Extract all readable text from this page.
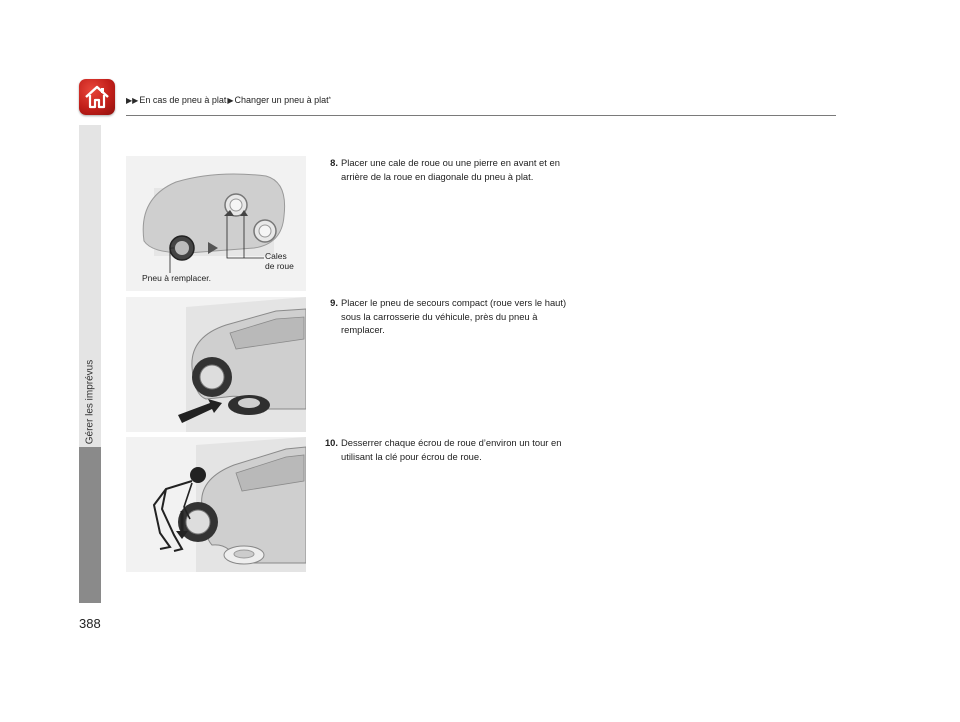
▶▶ En cas de pneu à plat ▶ Changer un pneu à plat *
Gérer les imprévus
388
Cales
de roue
Pneu à remplacer.
8. Placer une cale de roue ou une pierre en avant et en arrière de la roue en diagonale du pneu à plat.
9. Placer le pneu de secours compact (roue vers le haut) sous la carrosserie du véhicule, près du pneu à remplacer.
10. Desserrer chaque écrou de roue d’environ un tour en utilisant la clé pour écrou de roue.
